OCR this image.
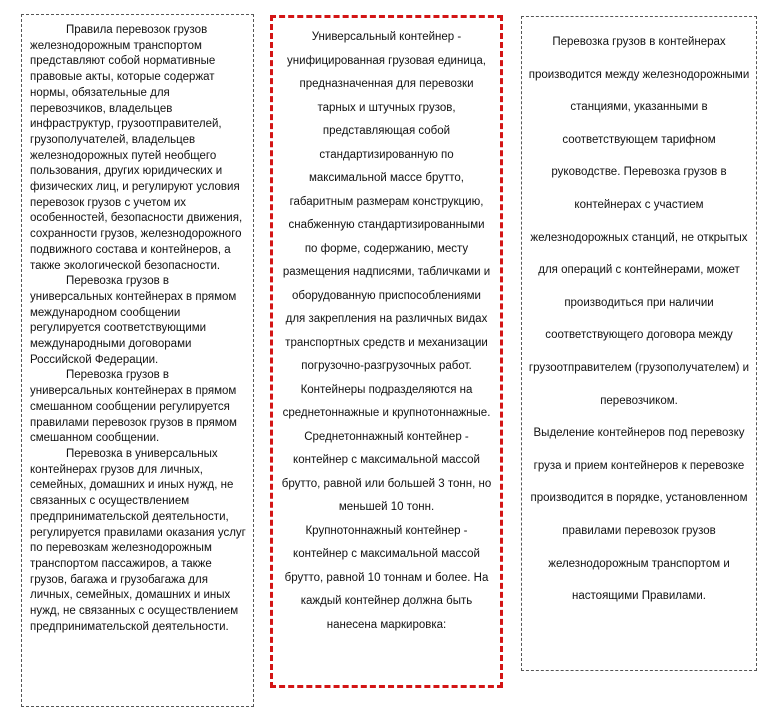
Правила перевозок грузов железнодорожным транспортом представляют собой нормативные правовые акты, которые содержат нормы, обязательные для перевозчиков, владельцев инфраструктур, грузоотправителей, грузополучателей, владельцев железнодорожных путей необщего пользования, других юридических и физических лиц, и регулируют условия перевозок грузов с учетом их особенностей, безопасности движения, сохранности грузов, железнодорожного подвижного состава и контейнеров, а также экологической безопасности.

Перевозка грузов в универсальных контейнерах в прямом международном сообщении регулируется соответствующими международными договорами Российской Федерации.

Перевозка грузов в универсальных контейнерах в прямом смешанном сообщении регулируется правилами перевозок грузов в прямом смешанном сообщении.

Перевозка в универсальных контейнерах грузов для личных, семейных, домашних и иных нужд, не связанных с осуществлением предпринимательской деятельности, регулируется правилами оказания услуг по перевозкам железнодорожным транспортом пассажиров, а также грузов, багажа и грузобагажа для личных, семейных, домашних и иных нужд, не связанных с осуществлением предпринимательской деятельности.

Универсальный контейнер - унифицированная грузовая единица, предназначенная для перевозки тарных и штучных грузов, представляющая собой стандартизированную по максимальной массе брутто, габаритным размерам конструкцию, снабженную стандартизированными по форме, содержанию, месту размещения надписями, табличками и оборудованную приспособлениями для закрепления на различных видах транспортных средств и механизации погрузочно-разгрузочных работ.

Контейнеры подразделяются на среднетоннажные и крупнотоннажные.

Среднетоннажный контейнер - контейнер с максимальной массой брутто, равной или большей 3 тонн, но меньшей 10 тонн.

Крупнотоннажный контейнер - контейнер с максимальной массой брутто, равной 10 тоннам и более. На каждый контейнер должна быть нанесена маркировка:

Перевозка грузов в контейнерах производится между железнодорожными станциями, указанными в соответствующем тарифном руководстве. Перевозка грузов в контейнерах с участием железнодорожных станций, не открытых для операций с контейнерами, может производиться при наличии соответствующего договора между грузоотправителем (грузополучателем) и перевозчиком.

Выделение контейнеров под перевозку груза и прием контейнеров к перевозке производится в порядке, установленном правилами перевозок грузов железнодорожным транспортом и настоящими Правилами.
